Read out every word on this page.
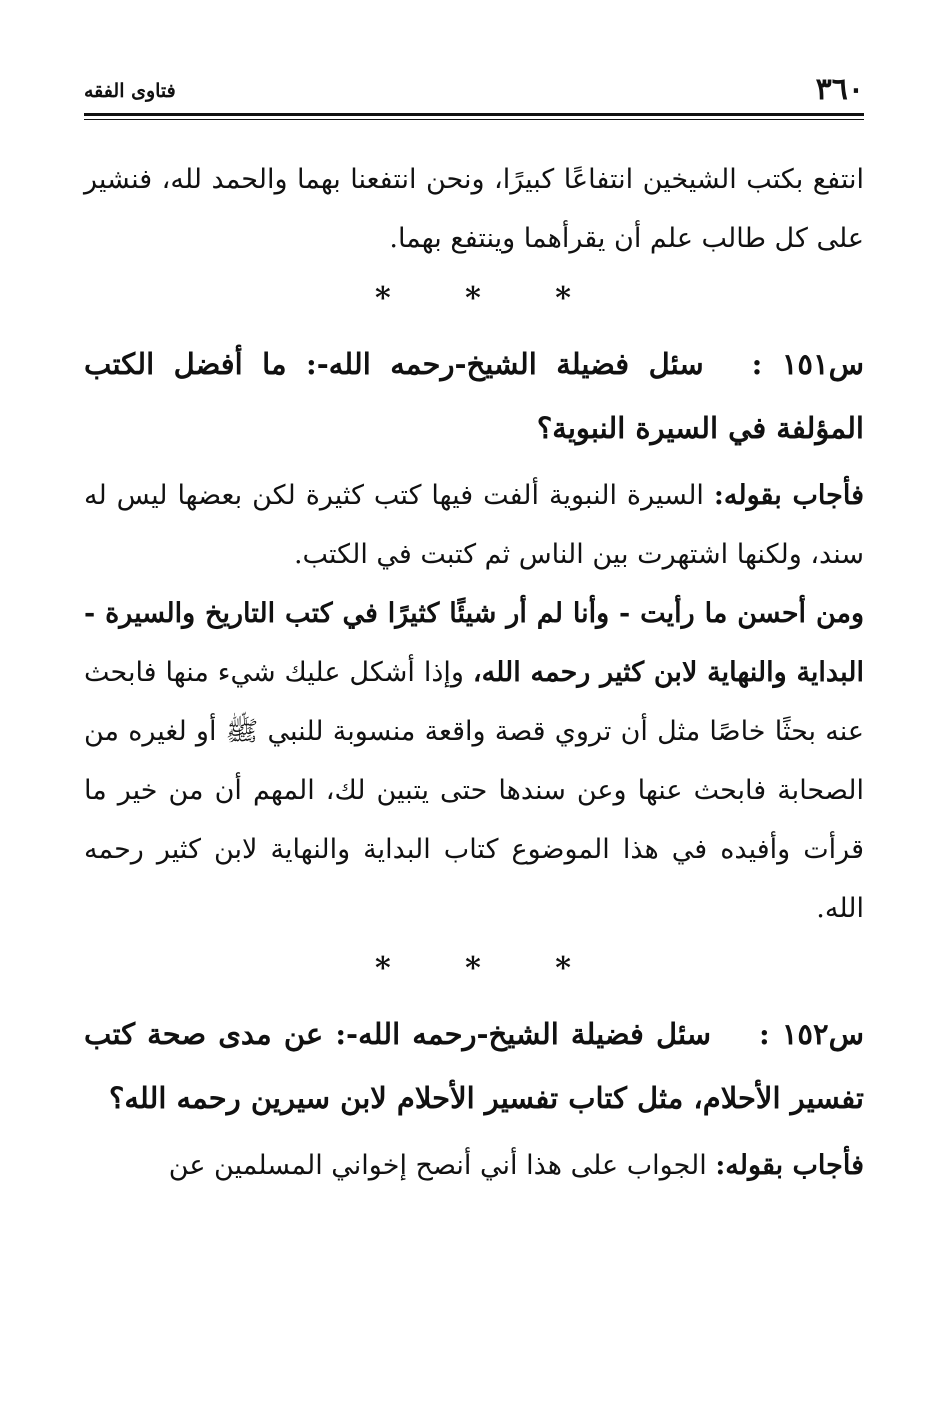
٣٦٠
فتاوى الفقه

انتفع بكتب الشيخين انتفاعًا كبيرًا، ونحن انتفعنا بهما والحمد لله، فنشير على كل طالب علم أن يقرأهما وينتفع بهما.

* * *

س١٥١ :سئل فضيلة الشيخ-رحمه الله-: ما أفضل الكتب المؤلفة في السيرة النبوية؟

فأجاب بقوله: السيرة النبوية ألفت فيها كتب كثيرة لكن بعضها ليس له سند، ولكنها اشتهرت بين الناس ثم كتبت في الكتب.

ومن أحسن ما رأيت - وأنا لم أر شيئًا كثيرًا في كتب التاريخ والسيرة - البداية والنهاية لابن كثير رحمه الله، وإذا أشكل عليك شيء منها فابحث عنه بحثًا خاصًا مثل أن تروي قصة واقعة منسوبة للنبي ﷺ أو لغيره من الصحابة فابحث عنها وعن سندها حتى يتبين لك، المهم أن من خير ما قرأت وأفيده في هذا الموضوع كتاب البداية والنهاية لابن كثير رحمه الله.

* * *

س١٥٢ :سئل فضيلة الشيخ-رحمه الله-: عن مدى صحة كتب تفسير الأحلام، مثل كتاب تفسير الأحلام لابن سيرين رحمه الله؟

فأجاب بقوله: الجواب على هذا أني أنصح إخواني المسلمين عن
